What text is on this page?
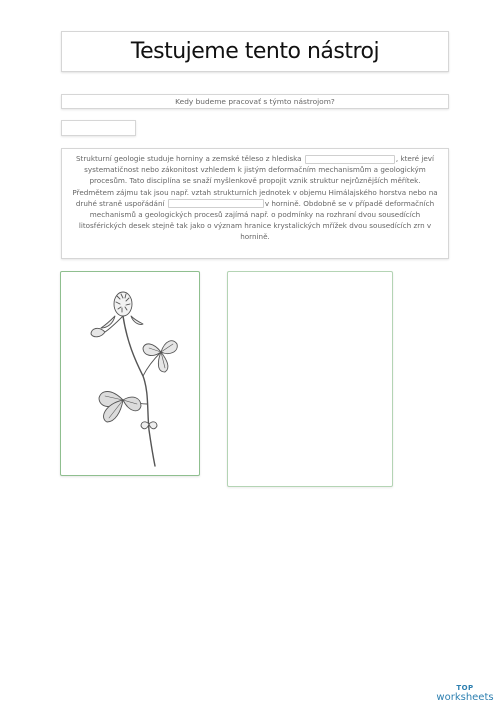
Testujeme tento nástroj
Kedy budeme pracovať s týmto nástrojom?
Strukturní geologie studuje horniny a zemské těleso z hlediska	, které jeví systematičnost nebo zákonitost vzhledem k jistým deformačním mechanismům a geologickým procesům. Tato disciplína se snaží myšlenkově propojit vznik struktur nejrůznějších měřítek. Předmětem zájmu tak jsou např. vztah strukturních jednotek v objemu Himálajského horstva nebo na druhé straně uspořádání	v hornině. Obdobně se v případě deformačních mechanismů a geologických procesů zajímá např. o podmínky na rozhraní dvou sousedících litosférických desek stejně tak jako o význam hranice krystalických mřížek dvou sousedících zrn v hornině.
TOP
worksheets
